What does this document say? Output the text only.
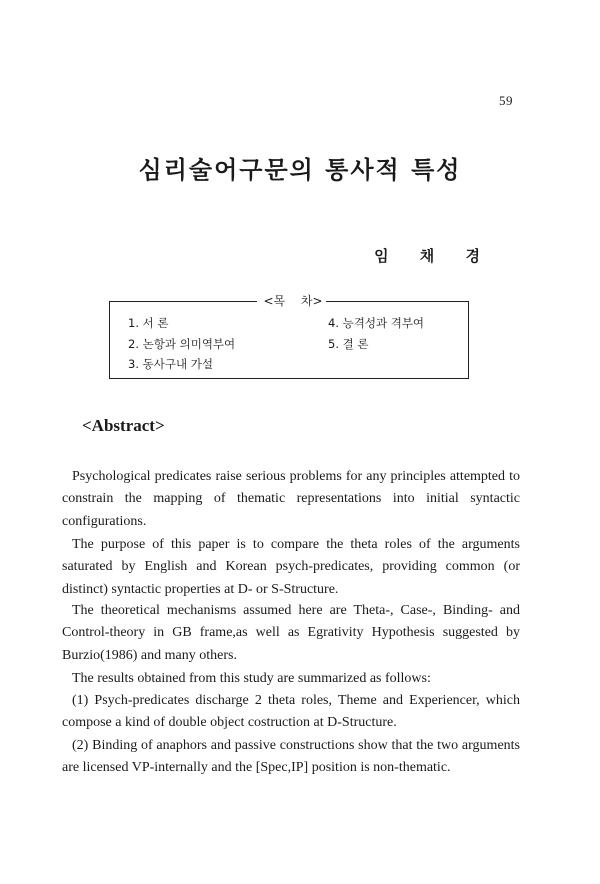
59
심리술어구문의 통사적 특성
임 채 경
<목 차>
1. 서 론
2. 논항과 의미역부여
3. 동사구내 가설
4. 능격성과 격부여
5. 결 론
<Abstract>

Psychological predicates raise serious problems for any principles attempted to constrain the mapping of thematic representations into initial syntactic configurations.

The purpose of this paper is to compare the theta roles of the arguments saturated by English and Korean psych-predicates, providing common (or distinct) syntactic properties at D- or S-Structure.

The theoretical mechanisms assumed here are Theta-, Case-, Binding- and Control-theory in GB frame,as well as Egrativity Hypothesis suggested by Burzio(1986) and many others.

The results obtained from this study are summarized as follows:

(1) Psych-predicates discharge 2 theta roles, Theme and Experiencer, which compose a kind of double object costruction at D-Structure.

(2) Binding of anaphors and passive constructions show that the two arguments are licensed VP-internally and the [Spec,IP] position is non-thematic.
